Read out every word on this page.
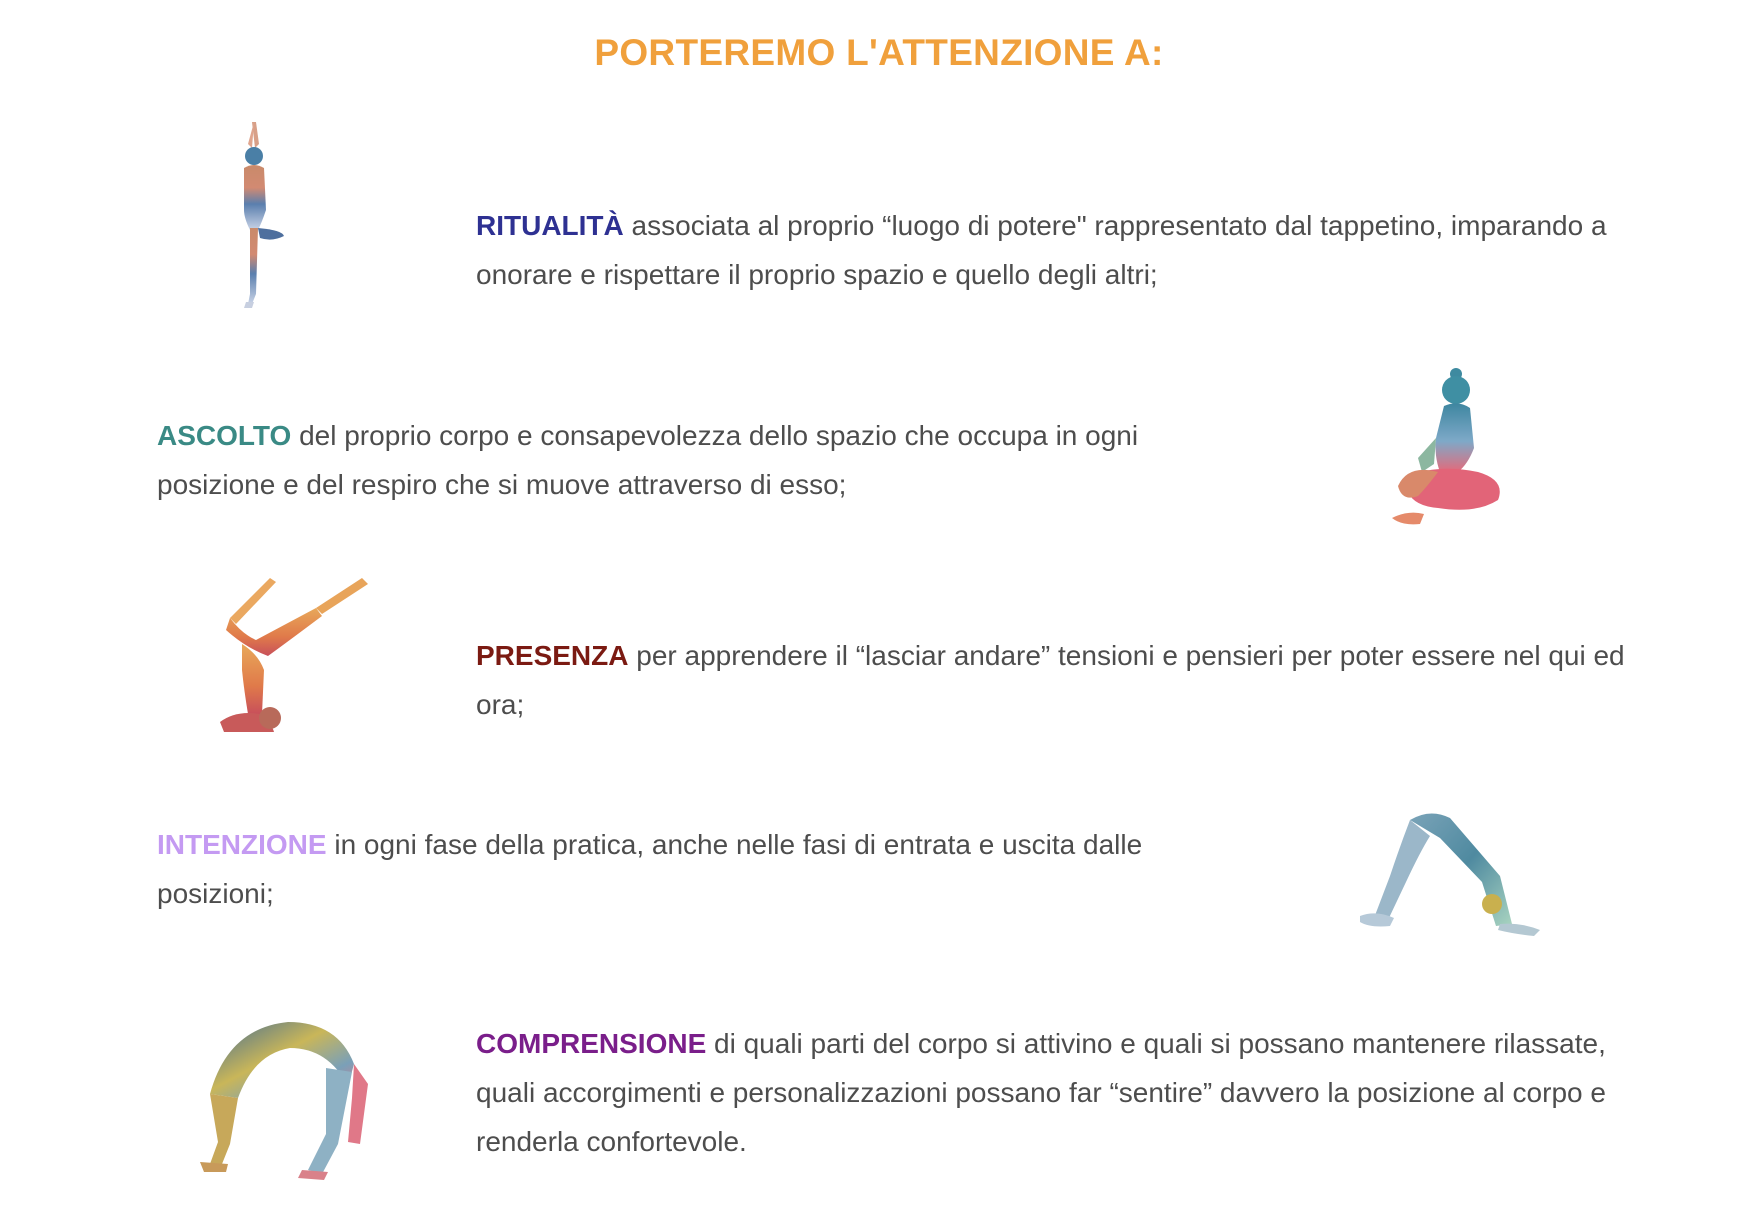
PORTEREMO L'ATTENZIONE A:
RITUALITÀ associata al proprio “luogo di potere" rappresentato dal tappetino, imparando a onorare e rispettare il proprio spazio e quello degli altri;
ASCOLTO del proprio corpo e consapevolezza dello spazio che occupa in ogni posizione e del respiro che si muove attraverso di esso;
PRESENZA per apprendere il “lasciar andare” tensioni e pensieri per poter essere nel qui ed ora;
INTENZIONE in ogni fase della pratica, anche nelle fasi di entrata e uscita dalle posizioni;
COMPRENSIONE di quali parti del corpo si attivino e quali si possano mantenere rilassate, quali accorgimenti e personalizzazioni possano far “sentire” davvero la posizione al corpo e renderla confortevole.
